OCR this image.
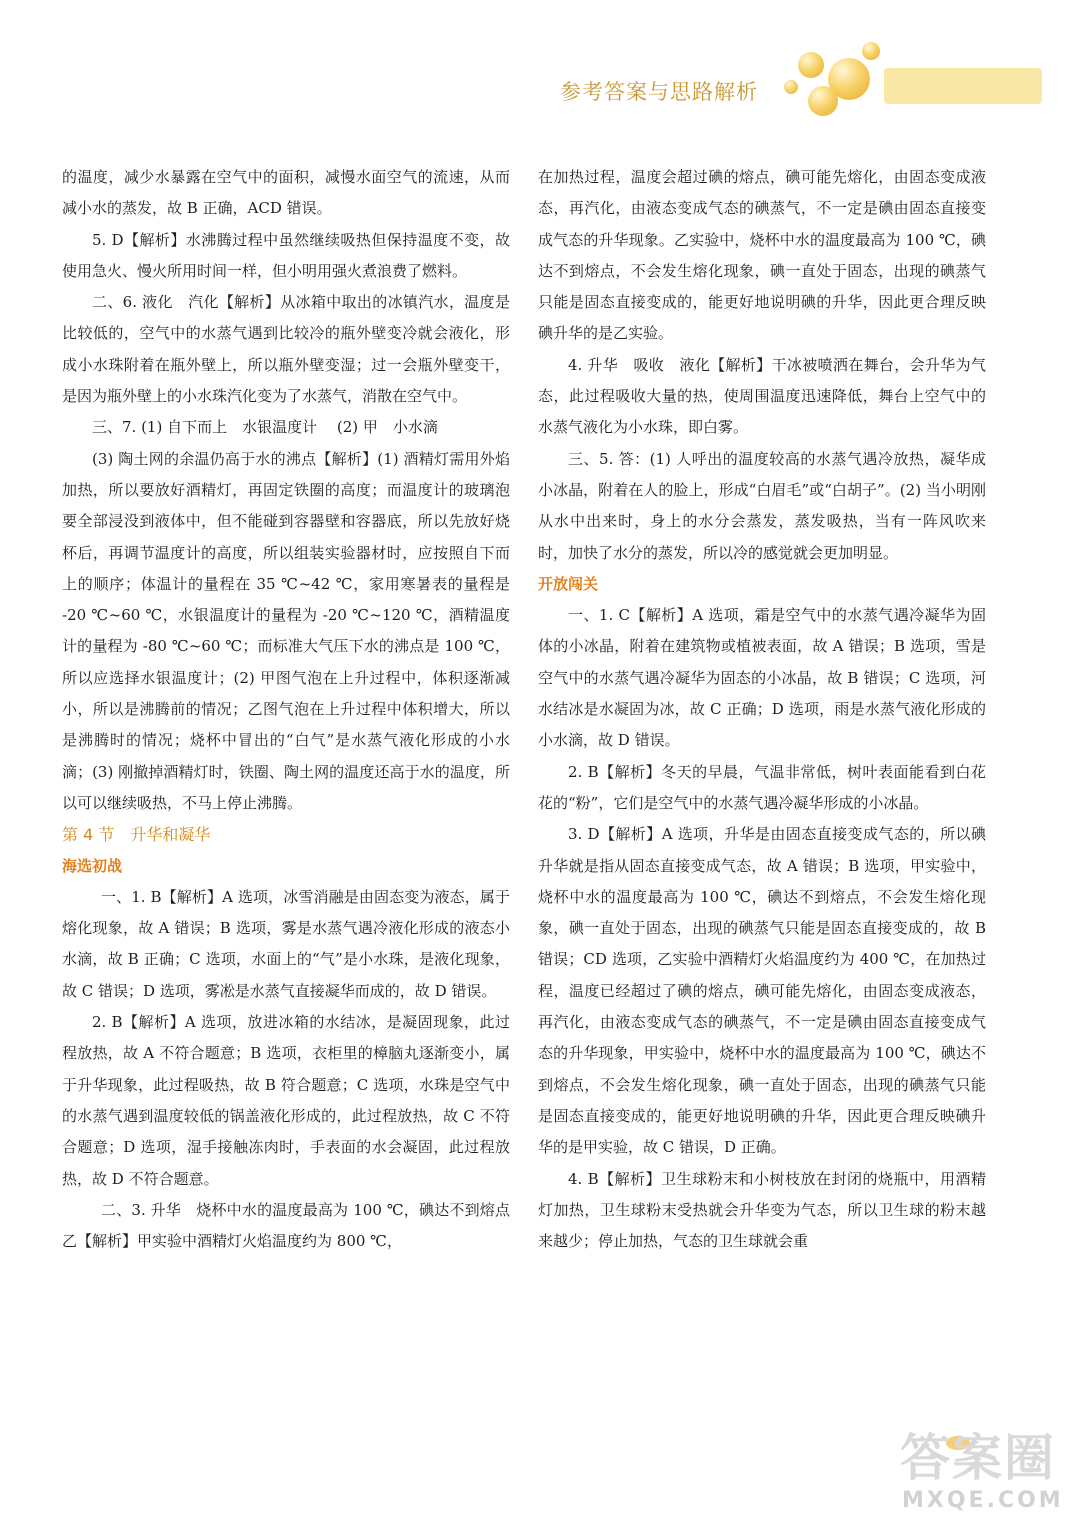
参考答案与思路解析

的温度，减少水暴露在空气中的面积，减慢水面空气的流速，从而减小水的蒸发，故 B 正确，ACD 错误。

5. D【解析】水沸腾过程中虽然继续吸热但保持温度不变，故使用急火、慢火所用时间一样，但小明用强火煮浪费了燃料。

二、6. 液化　汽化【解析】从冰箱中取出的冰镇汽水，温度是比较低的，空气中的水蒸气遇到比较冷的瓶外壁变冷就会液化，形成小水珠附着在瓶外壁上，所以瓶外壁变湿；过一会瓶外壁变干，是因为瓶外壁上的小水珠汽化变为了水蒸气，消散在空气中。

三、7. (1) 自下而上　水银温度计　 (2) 甲　小水滴

(3) 陶土网的余温仍高于水的沸点【解析】(1) 酒精灯需用外焰加热，所以要放好酒精灯，再固定铁圈的高度；而温度计的玻璃泡要全部浸没到液体中，但不能碰到容器壁和容器底，所以先放好烧杯后，再调节温度计的高度，所以组装实验器材时，应按照自下而上的顺序；体温计的量程在 35 ℃~42 ℃，家用寒暑表的量程是 -20 ℃~60 ℃，水银温度计的量程为 -20 ℃~120 ℃，酒精温度计的量程为 -80 ℃~60 ℃；而标准大气压下水的沸点是 100 ℃，所以应选择水银温度计；(2) 甲图气泡在上升过程中，体积逐渐减小，所以是沸腾前的情况；乙图气泡在上升过程中体积增大，所以是沸腾时的情况；烧杯中冒出的“白气”是水蒸气液化形成的小水滴；(3) 刚撤掉酒精灯时，铁圈、陶土网的温度还高于水的温度，所以可以继续吸热，不马上停止沸腾。

第 4 节　升华和凝华

海选初战

一、1. B【解析】A 选项，冰雪消融是由固态变为液态，属于熔化现象，故 A 错误；B 选项，雾是水蒸气遇冷液化形成的液态小水滴，故 B 正确；C 选项，水面上的“气”是小水珠，是液化现象，故 C 错误；D 选项，雾凇是水蒸气直接凝华而成的，故 D 错误。

2. B【解析】A 选项，放进冰箱的水结冰，是凝固现象，此过程放热，故 A 不符合题意；B 选项，衣柜里的樟脑丸逐渐变小，属于升华现象，此过程吸热，故 B 符合题意；C 选项，水珠是空气中的水蒸气遇到温度较低的锅盖液化形成的，此过程放热，故 C 不符合题意；D 选项，湿手接触冻肉时，手表面的水会凝固，此过程放热，故 D 不符合题意。

二、3. 升华　烧杯中水的温度最高为 100 ℃，碘达不到熔点　乙【解析】甲实验中酒精灯火焰温度约为 800 ℃，

在加热过程，温度会超过碘的熔点，碘可能先熔化，由固态变成液态，再汽化，由液态变成气态的碘蒸气，不一定是碘由固态直接变成气态的升华现象。乙实验中，烧杯中水的温度最高为 100 ℃，碘达不到熔点，不会发生熔化现象，碘一直处于固态，出现的碘蒸气只能是固态直接变成的，能更好地说明碘的升华，因此更合理反映碘升华的是乙实验。

4. 升华　吸收　液化【解析】干冰被喷洒在舞台，会升华为气态，此过程吸收大量的热，使周围温度迅速降低，舞台上空气中的水蒸气液化为小水珠，即白雾。

三、5. 答：(1) 人呼出的温度较高的水蒸气遇冷放热，凝华成小冰晶，附着在人的脸上，形成“白眉毛”或“白胡子”。(2) 当小明刚从水中出来时，身上的水分会蒸发，蒸发吸热，当有一阵风吹来时，加快了水分的蒸发，所以冷的感觉就会更加明显。

开放闯关

一、1. C【解析】A 选项，霜是空气中的水蒸气遇冷凝华为固体的小冰晶，附着在建筑物或植被表面，故 A 错误；B 选项，雪是空气中的水蒸气遇冷凝华为固态的小冰晶，故 B 错误；C 选项，河水结冰是水凝固为冰，故 C 正确；D 选项，雨是水蒸气液化形成的小水滴，故 D 错误。

2. B【解析】冬天的早晨，气温非常低，树叶表面能看到白花花的“粉”，它们是空气中的水蒸气遇冷凝华形成的小冰晶。

3. D【解析】A 选项，升华是由固态直接变成气态的，所以碘升华就是指从固态直接变成气态，故 A 错误；B 选项，甲实验中，烧杯中水的温度最高为 100 ℃，碘达不到熔点，不会发生熔化现象，碘一直处于固态，出现的碘蒸气只能是固态直接变成的，故 B 错误；CD 选项，乙实验中酒精灯火焰温度约为 400 ℃，在加热过程，温度已经超过了碘的熔点，碘可能先熔化，由固态变成液态，再汽化，由液态变成气态的碘蒸气，不一定是碘由固态直接变成气态的升华现象，甲实验中，烧杯中水的温度最高为 100 ℃，碘达不到熔点，不会发生熔化现象，碘一直处于固态，出现的碘蒸气只能是固态直接变成的，能更好地说明碘的升华，因此更合理反映碘升华的是甲实验，故 C 错误，D 正确。

4. B【解析】卫生球粉末和小树枝放在封闭的烧瓶中，用酒精灯加热，卫生球粉末受热就会升华变为气态，所以卫生球的粉末越来越少；停止加热，气态的卫生球就会重

答案圈
MXQE.COM
